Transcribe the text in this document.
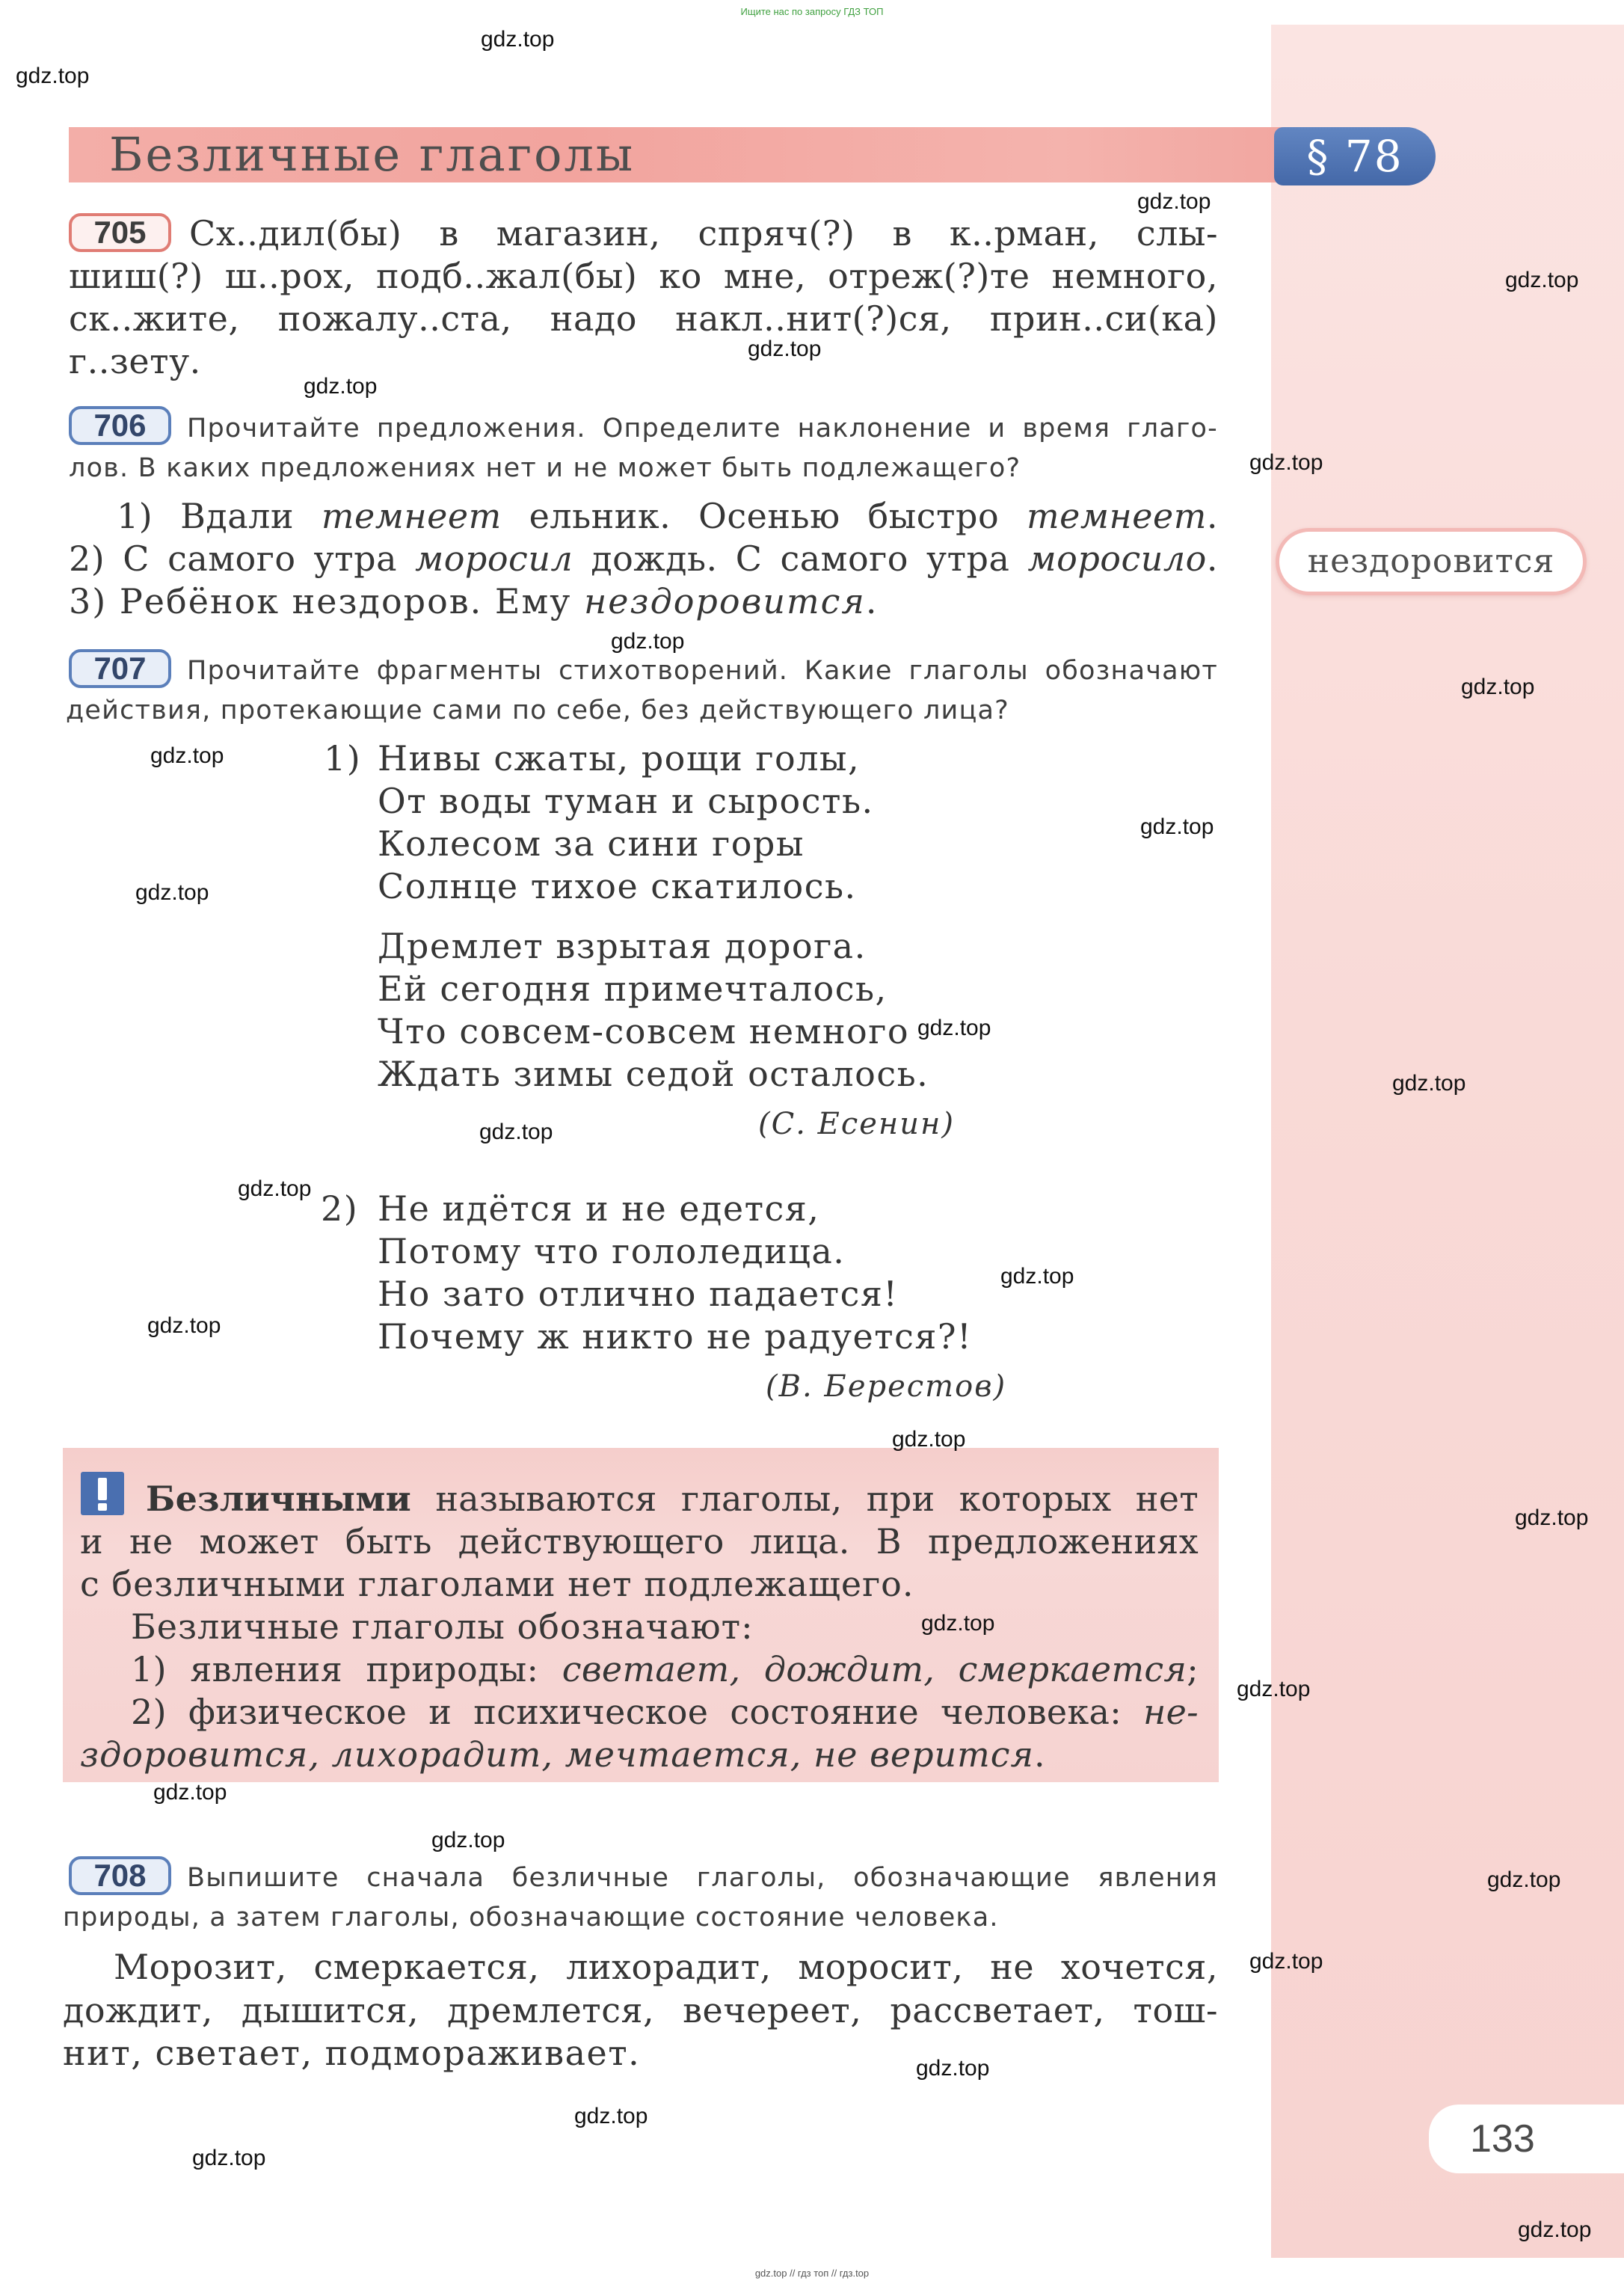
Ищите нас по запросу ГДЗ ТОП
Безличные глаголы	§ 78
705	Сх..дил(бы) в магазин, спряч(?) в к..рман, слы-
шиш(?) ш..рох, подб..жал(бы) ко мне, отреж(?)те немного,
ск..жите, пожалу..ста, надо накл..нит(?)ся, прин..си(ка)
г..зету.
706	Прочитайте предложения. Определите наклонение и время глаго-
лов. В каких предложениях нет и не может быть подлежащего?
1) Вдали темнеет ельник. Осенью быстро темнеет.
2) С самого утра моросил дождь. С самого утра моросило.
3) Ребёнок нездоров. Ему нездоровится.
нездоровится
707	Прочитайте фрагменты стихотворений. Какие глаголы обозначают
действия, протекающие сами по себе, без действующего лица?
1) Нивы сжаты, рощи голы,
От воды туман и сырость.
Колесом за сини горы
Солнце тихое скатилось.
Дремлет взрытая дорога.
Ей сегодня примечталось,
Что совсем-совсем немного
Ждать зимы седой осталось.
(С. Есенин)
2) Не идётся и не едется,
Потому что гололедица.
Но зато отлично падается!
Почему ж никто не радуется?!
(В. Берестов)
Безличными называются глаголы, при которых нет
и не может быть действующего лица. В предложениях
с безличными глаголами нет подлежащего.
Безличные глаголы обозначают:
1) явления природы: светает, дождит, смеркается;
2) физическое и психическое состояние человека: не-
здоровится, лихорадит, мечтается, не верится.
708	Выпишите сначала безличные глаголы, обозначающие явления
природы, а затем глаголы, обозначающие состояние человека.
Морозит, смеркается, лихорадит, моросит, не хочется,
дождит, дышится, дремлется, вечереет, рассветает, тош-
нит, светает, подмораживает.
133
gdz.top // гдз топ // гдз.top
gdz.top
gdz.top
gdz.top
gdz.top
gdz.top
gdz.top
gdz.top
gdz.top
gdz.top
gdz.top
gdz.top
gdz.top
gdz.top
gdz.top
gdz.top
gdz.top
gdz.top
gdz.top
gdz.top
gdz.top
gdz.top
gdz.top
gdz.top
gdz.top
gdz.top
gdz.top
gdz.top
gdz.top
gdz.top
gdz.top
